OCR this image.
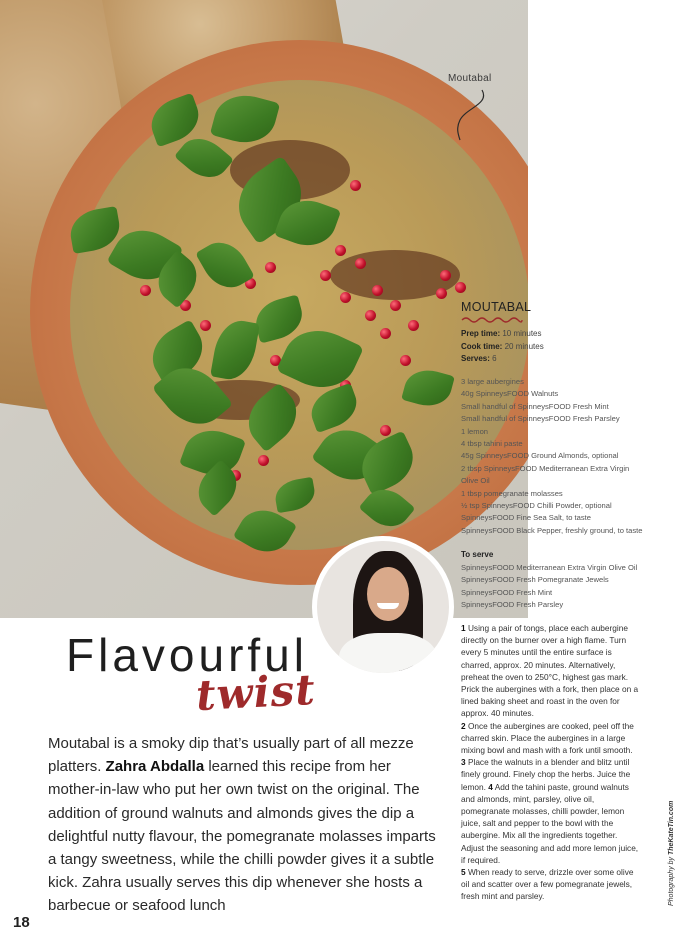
Moutabal
MOUTABAL
Prep time: 10 minutes
Cook time: 20 minutes
Serves: 6
3 large aubergines
40g SpinneysFOOD Walnuts
Small handful of SpinneysFOOD Fresh Mint
Small handful of SpinneysFOOD Fresh Parsley
1 lemon
4 tbsp tahini paste
45g SpinneysFOOD Ground Almonds, optional
2 tbsp SpinneysFOOD Mediterranean Extra Virgin
Olive Oil
1 tbsp pomegranate molasses
½ tsp SpinneysFOOD Chilli Powder, optional
SpinneysFOOD Fine Sea Salt, to taste
SpinneysFOOD Black Pepper, freshly ground, to taste
To serve
SpinneysFOOD Mediterranean Extra Virgin Olive Oil
SpinneysFOOD Fresh Pomegranate Jewels
SpinneysFOOD Fresh Mint
SpinneysFOOD Fresh Parsley
1 Using a pair of tongs, place each aubergine directly on the burner over a high flame. Turn every 5 minutes until the entire surface is charred, approx. 20 minutes. Alternatively, preheat the oven to 250°C, highest gas mark. Prick the aubergines with a fork, then place on a lined baking sheet and roast in the oven for approx. 40 minutes.
2 Once the aubergines are cooked, peel off the charred skin. Place the aubergines in a large mixing bowl and mash with a fork until smooth. 3 Place the walnuts in a blender and blitz until finely ground. Finely chop the herbs. Juice the lemon. 4 Add the tahini paste, ground walnuts and almonds, mint, parsley, olive oil, pomegranate molasses, chilli powder, lemon juice, salt and pepper to the bowl with the aubergine. Mix all the ingredients together. Adjust the seasoning and add more lemon juice, if required.
5 When ready to serve, drizzle over some olive oil and scatter over a few pomegranate jewels, fresh mint and parsley.
Flavourful
twist
Moutabal is a smoky dip that’s usually part of all mezze platters. Zahra Abdalla learned this recipe from her mother-in-law who put her own twist on the original. The addition of ground walnuts and almonds gives the dip a delightful nutty flavour, the pomegranate molasses imparts a tangy sweetness, while the chilli powder gives it a subtle kick. Zahra usually serves this dip whenever she hosts a barbecue or seafood lunch
18
Photography by TheKateTin.com
